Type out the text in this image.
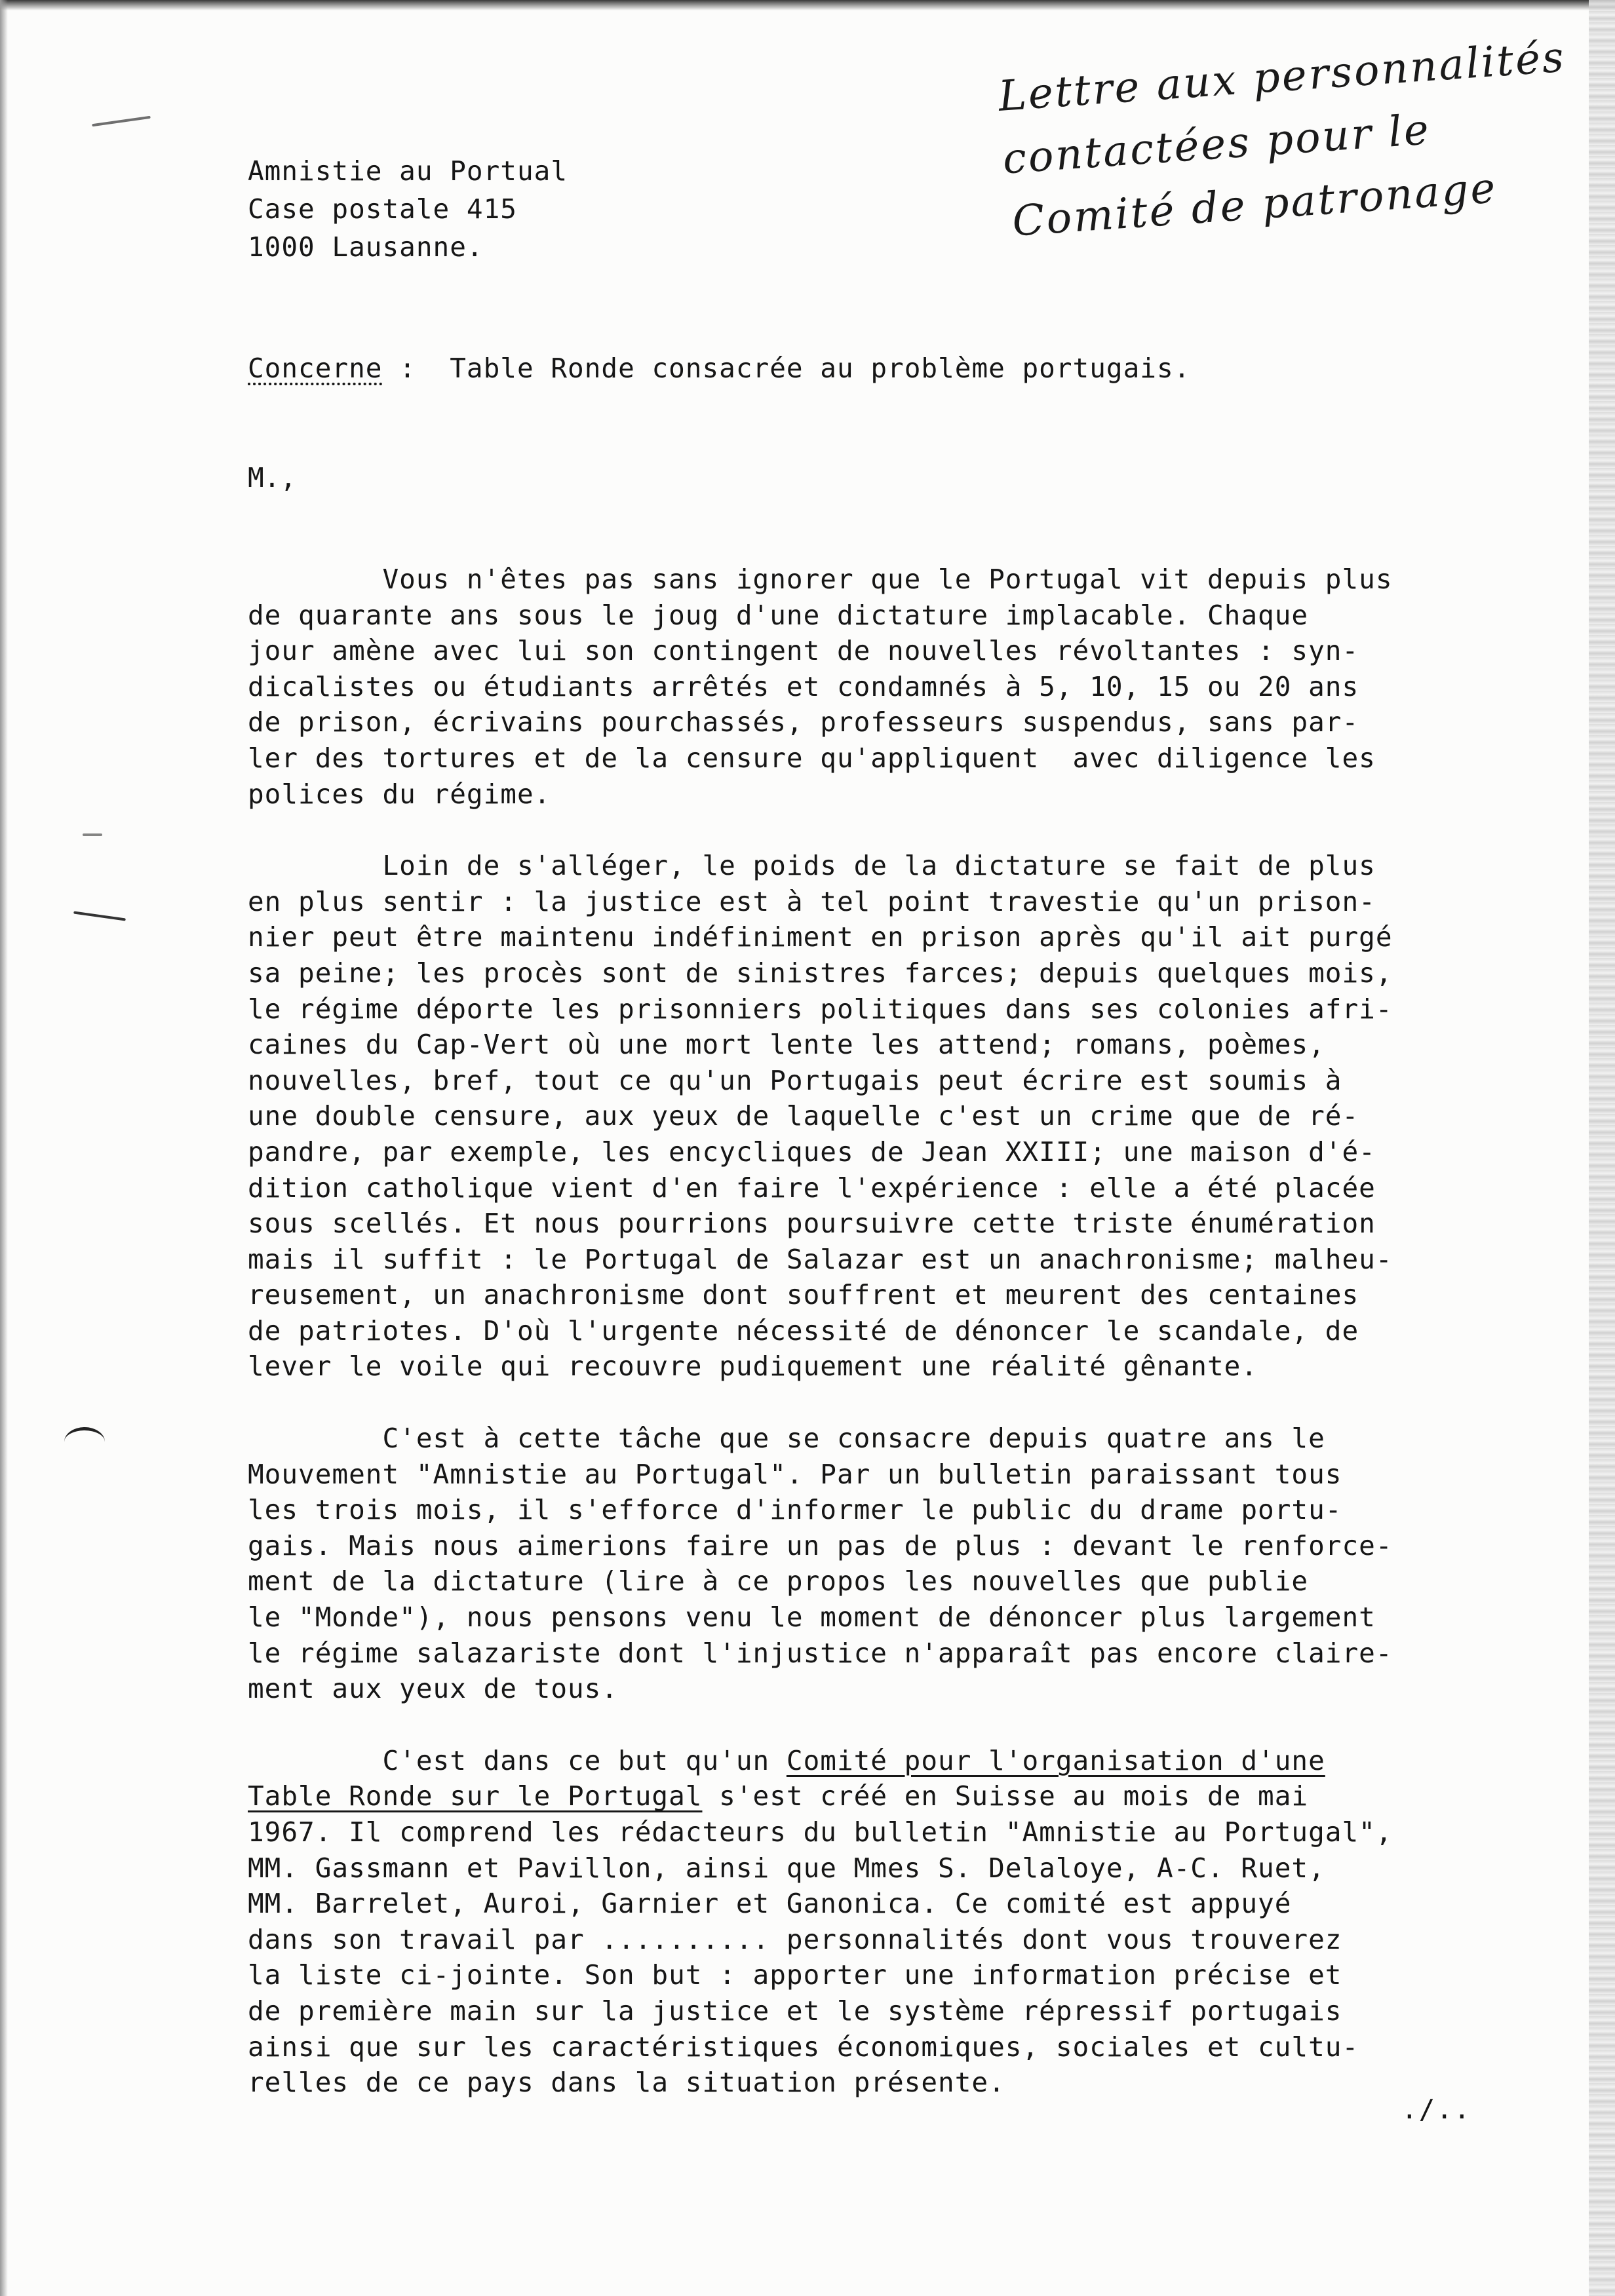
Amnistie au Portual
Case postale 415
1000 Lausanne.
Lettre aux personnalités
contactées pour le
Comité de patronage
Concerne :  Table Ronde consacrée au problème portugais.
M.,
Vous n'êtes pas sans ignorer que le Portugal vit depuis plus
de quarante ans sous le joug d'une dictature implacable. Chaque
jour amène avec lui son contingent de nouvelles révoltantes : syn-
dicalistes ou étudiants arrêtés et condamnés à 5, 10, 15 ou 20 ans
de prison, écrivains pourchassés, professeurs suspendus, sans par-
ler des tortures et de la censure qu'appliquent  avec diligence les
polices du régime.
Loin de s'alléger, le poids de la dictature se fait de plus
en plus sentir : la justice est à tel point travestie qu'un prison-
nier peut être maintenu indéfiniment en prison après qu'il ait purgé
sa peine; les procès sont de sinistres farces; depuis quelques mois,
le régime déporte les prisonniers politiques dans ses colonies afri-
caines du Cap-Vert où une mort lente les attend; romans, poèmes,
nouvelles, bref, tout ce qu'un Portugais peut écrire est soumis à
une double censure, aux yeux de laquelle c'est un crime que de ré-
pandre, par exemple, les encycliques de Jean XXIII; une maison d'é-
dition catholique vient d'en faire l'expérience : elle a été placée
sous scellés. Et nous pourrions poursuivre cette triste énumération
mais il suffit : le Portugal de Salazar est un anachronisme; malheu-
reusement, un anachronisme dont souffrent et meurent des centaines
de patriotes. D'où l'urgente nécessité de dénoncer le scandale, de
lever le voile qui recouvre pudiquement une réalité gênante.
C'est à cette tâche que se consacre depuis quatre ans le
Mouvement "Amnistie au Portugal". Par un bulletin paraissant tous
les trois mois, il s'efforce d'informer le public du drame portu-
gais. Mais nous aimerions faire un pas de plus : devant le renforce-
ment de la dictature (lire à ce propos les nouvelles que publie
le "Monde"), nous pensons venu le moment de dénoncer plus largement
le régime salazariste dont l'injustice n'apparaît pas encore claire-
ment aux yeux de tous.
C'est dans ce but qu'un Comité pour l'organisation d'une
Table Ronde sur le Portugal s'est créé en Suisse au mois de mai
1967. Il comprend les rédacteurs du bulletin "Amnistie au Portugal",
MM. Gassmann et Pavillon, ainsi que Mmes S. Delaloye, A-C. Ruet,
MM. Barrelet, Auroi, Garnier et Ganonica. Ce comité est appuyé
dans son travail par .......... personnalités dont vous trouverez
la liste ci-jointe. Son but : apporter une information précise et
de première main sur la justice et le système répressif portugais
ainsi que sur les caractéristiques économiques, sociales et cultu-
relles de ce pays dans la situation présente.
./..
